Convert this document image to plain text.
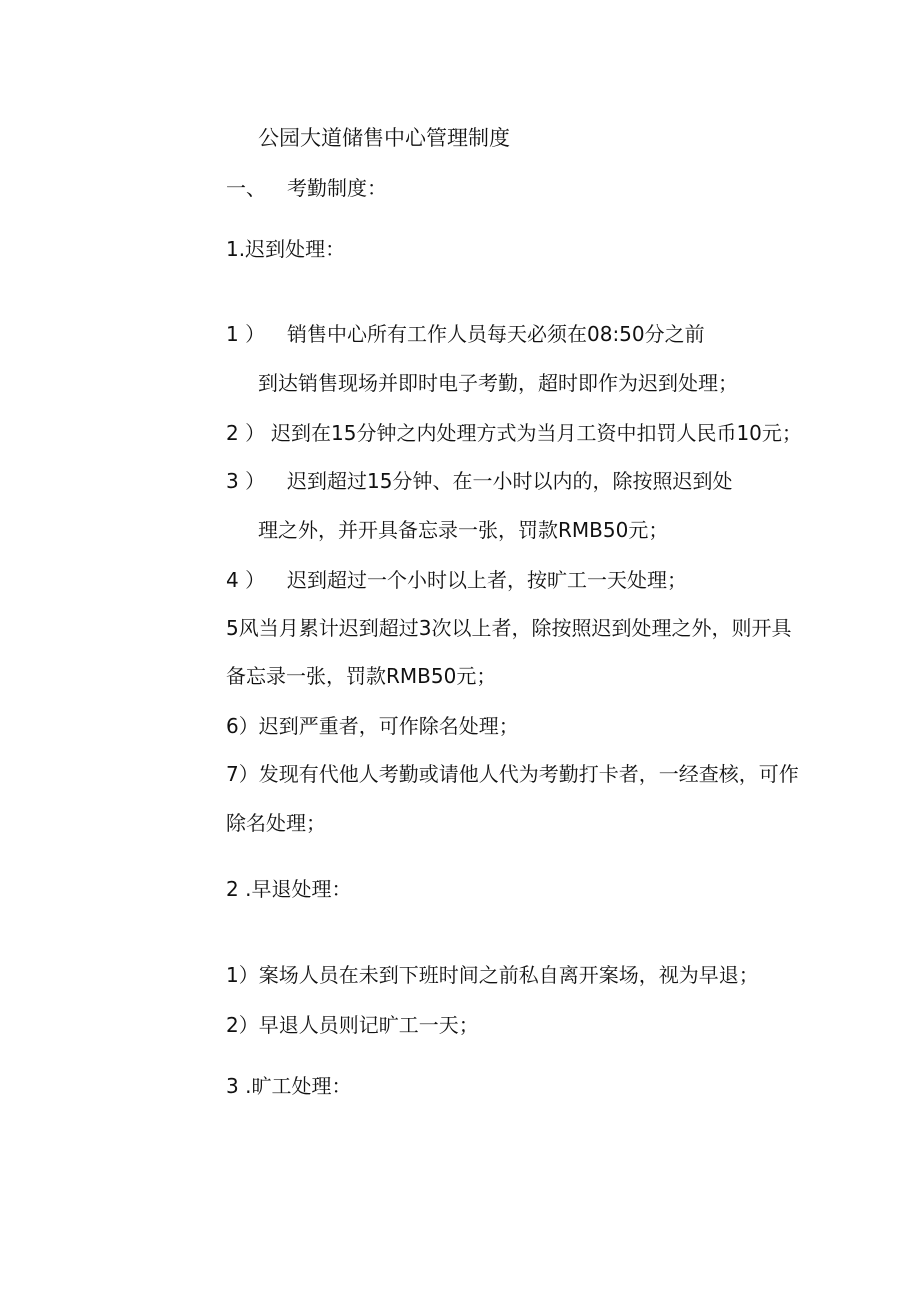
公园大道储售中心管理制度
一、 考勤制度：
1.迟到处理：
1 ） 销售中心所有工作人员每天必须在08:50分之前
到达销售现场并即时电子考勤，超时即作为迟到处理；
2 ） 迟到在15分钟之内处理方式为当月工资中扣罚人民币10元；
3 ） 迟到超过15分钟、在一小时以内的，除按照迟到处
理之外，并开具备忘录一张，罚款RMB50元；
4 ） 迟到超过一个小时以上者，按旷工一天处理；
5风当月累计迟到超过3次以上者，除按照迟到处理之外，则开具
备忘录一张，罚款RMB50元；
6）迟到严重者，可作除名处理；
7）发现有代他人考勤或请他人代为考勤打卡者，一经查核，可作
除名处理；
2 .早退处理：
1）案场人员在未到下班时间之前私自离开案场，视为早退；
2）早退人员则记旷工一天；
3 .旷工处理：
